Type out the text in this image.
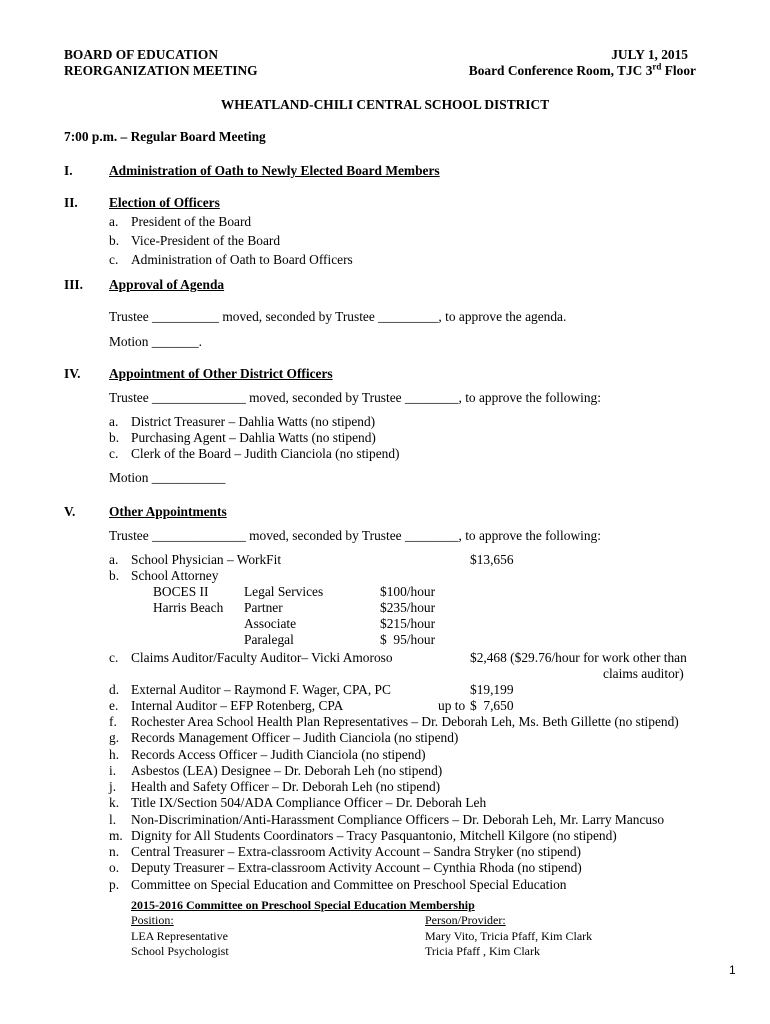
BOARD OF EDUCATION
REORGANIZATION MEETING
JULY 1, 2015
Board Conference Room, TJC 3rd Floor
WHEATLAND-CHILI CENTRAL SCHOOL DISTRICT
7:00 p.m. – Regular Board Meeting
I.	Administration of Oath to Newly Elected Board Members
II. Election of Officers
a. President of the Board
b. Vice-President of the Board
c. Administration of Oath to Board Officers
III. Approval of Agenda
Trustee __________ moved, seconded by Trustee _________, to approve the agenda.
Motion _______.
IV. Appointment of Other District Officers
Trustee ______________ moved, seconded by Trustee ________, to approve the following:
a. District Treasurer – Dahlia Watts (no stipend)
b. Purchasing Agent – Dahlia Watts (no stipend)
c. Clerk of the Board – Judith Cianciola (no stipend)
Motion ___________
V.	Other Appointments
Trustee ______________ moved, seconded by Trustee ________, to approve the following:
a. School Physician – WorkFit	$13,656
b. School Attorney
BOCES II	Legal Services	$100/hour
Harris Beach Partner	$235/hour
Associate	$215/hour
Paralegal	$  95/hour
c. Claims Auditor/Faculty Auditor– Vicki Amoroso	$2,468 ($29.76/hour for work other than
claims auditor)
d. External Auditor – Raymond F. Wager, CPA, PC	$19,199
e. Internal Auditor – EFP Rotenberg, CPA	up to $  7,650
f. Rochester Area School Health Plan Representatives – Dr. Deborah Leh, Ms. Beth Gillette (no stipend)
g. Records Management Officer – Judith Cianciola (no stipend)
h. Records Access Officer – Judith Cianciola (no stipend)
i. Asbestos (LEA) Designee – Dr. Deborah Leh (no stipend)
j. Health and Safety Officer – Dr. Deborah Leh (no stipend)
k. Title IX/Section 504/ADA Compliance Officer – Dr. Deborah Leh
l. Non-Discrimination/Anti-Harassment Compliance Officers – Dr. Deborah Leh, Mr. Larry Mancuso
m. Dignity for All Students Coordinators – Tracy Pasquantonio, Mitchell Kilgore (no stipend)
n. Central Treasurer – Extra-classroom Activity Account – Sandra Stryker (no stipend)
o. Deputy Treasurer – Extra-classroom Activity Account – Cynthia Rhoda (no stipend)
p. Committee on Special Education and Committee on Preschool Special Education
2015-2016 Committee on Preschool Special Education Membership
Position:	Person/Provider:
LEA Representative	Mary Vito, Tricia Pfaff, Kim Clark
School Psychologist	Tricia Pfaff , Kim Clark
1
